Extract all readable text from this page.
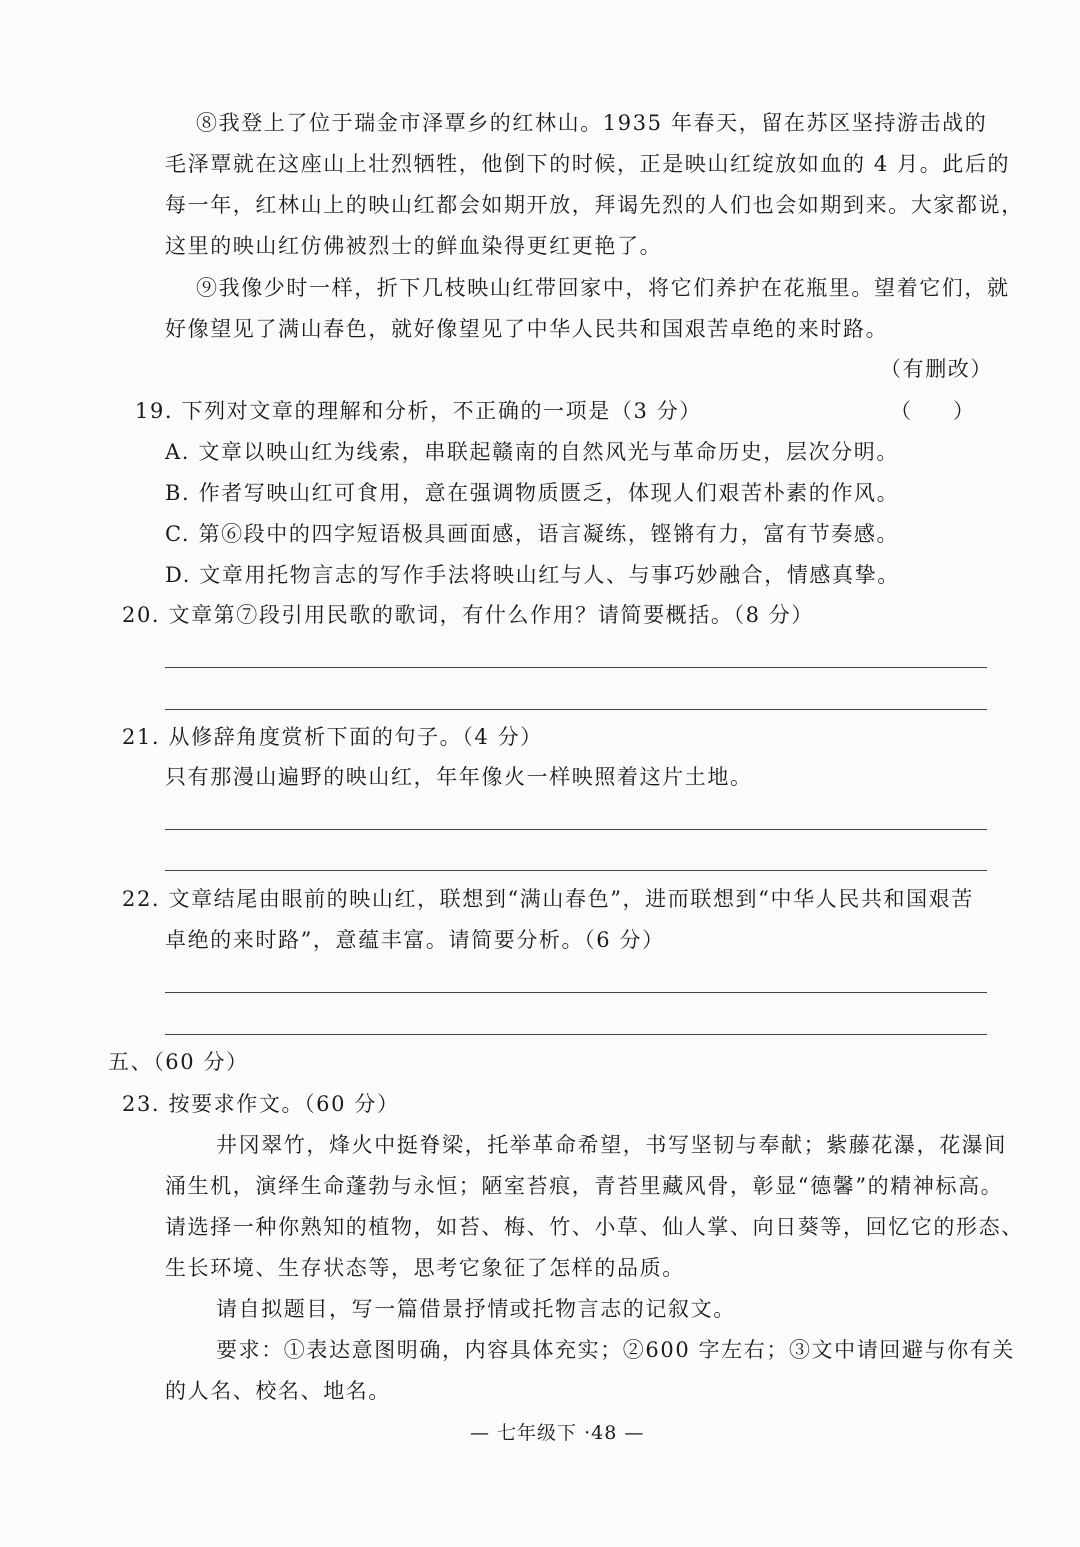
⑧我登上了位于瑞金市泽覃乡的红林山。1935 年春天，留在苏区坚持游击战的
毛泽覃就在这座山上壮烈牺牲，他倒下的时候，正是映山红绽放如血的 4 月。此后的
每一年，红林山上的映山红都会如期开放，拜谒先烈的人们也会如期到来。大家都说，
这里的映山红仿佛被烈士的鲜血染得更红更艳了。
⑨我像少时一样，折下几枝映山红带回家中，将它们养护在花瓶里。望着它们，就
好像望见了满山春色，就好像望见了中华人民共和国艰苦卓绝的来时路。
（有删改）
19. 下列对文章的理解和分析，不正确的一项是（3 分）	（　　）
A. 文章以映山红为线索，串联起赣南的自然风光与革命历史，层次分明。
B. 作者写映山红可食用，意在强调物质匮乏，体现人们艰苦朴素的作风。
C. 第⑥段中的四字短语极具画面感，语言凝练，铿锵有力，富有节奏感。
D. 文章用托物言志的写作手法将映山红与人、与事巧妙融合，情感真挚。
20. 文章第⑦段引用民歌的歌词，有什么作用？请简要概括。（8 分）
21. 从修辞角度赏析下面的句子。（4 分）
只有那漫山遍野的映山红，年年像火一样映照着这片土地。
22. 文章结尾由眼前的映山红，联想到“满山春色”，进而联想到“中华人民共和国艰苦
卓绝的来时路”，意蕴丰富。请简要分析。（6 分）
五、（60 分）
23. 按要求作文。（60 分）
井冈翠竹，烽火中挺脊梁，托举革命希望，书写坚韧与奉献；紫藤花瀑，花瀑间
涌生机，演绎生命蓬勃与永恒；陋室苔痕，青苔里藏风骨，彰显“德馨”的精神标高。
请选择一种你熟知的植物，如苔、梅、竹、小草、仙人掌、向日葵等，回忆它的形态、
生长环境、生存状态等，思考它象征了怎样的品质。
请自拟题目，写一篇借景抒情或托物言志的记叙文。
要求：①表达意图明确，内容具体充实；②600 字左右；③文中请回避与你有关
的人名、校名、地名。
— 七年级下 ·48 —
